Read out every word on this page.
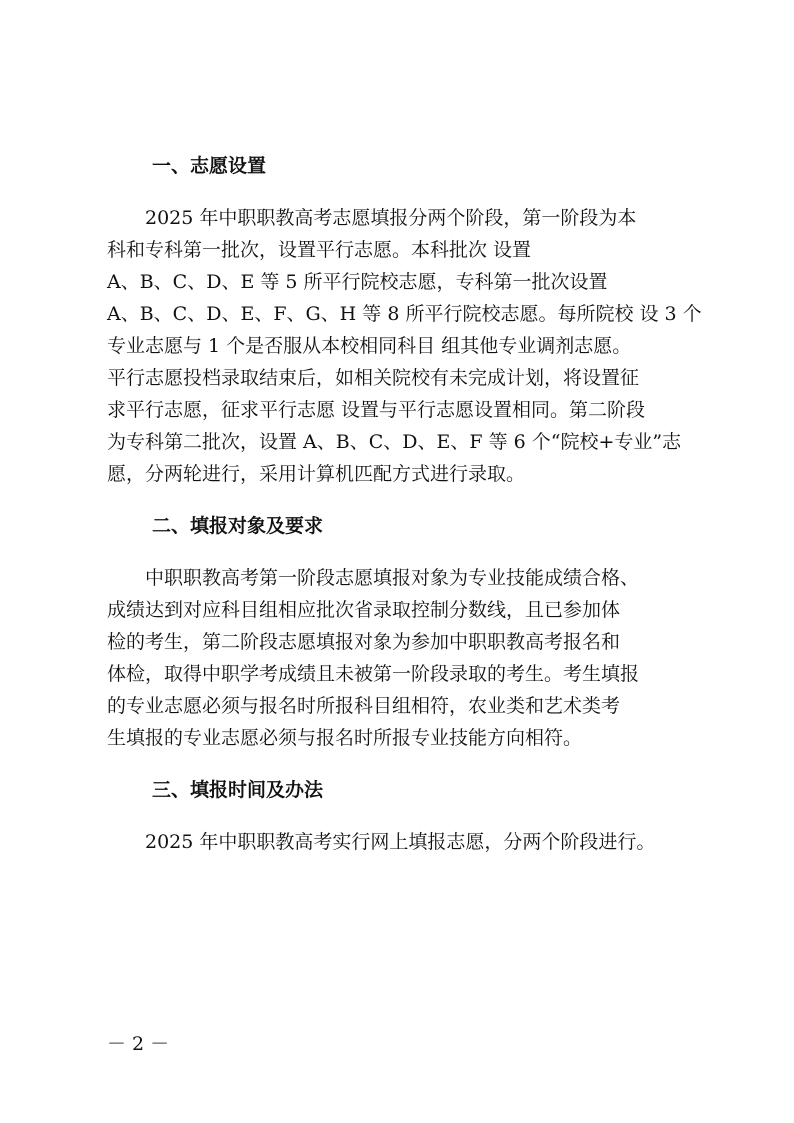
一、志愿设置

2025 年中职职教高考志愿填报分两个阶段，第一阶段为本
科和专科第一批次，设置平行志愿。本科批次 设置
A、B、C、D、E 等 5 所平行院校志愿，专科第一批次设置
A、B、C、D、E、F、G、H 等 8 所平行院校志愿。每所院校 设 3 个
专业志愿与 1 个是否服从本校相同科目 组其他专业调剂志愿。
平行志愿投档录取结束后，如相关院校有未完成计划，将设置征
求平行志愿，征求平行志愿 设置与平行志愿设置相同。第二阶段
为专科第二批次，设置 A、B、C、D、E、F 等 6 个“院校+专业”志
愿，分两轮进行，采用计算机匹配方式进行录取。

二、填报对象及要求

中职职教高考第一阶段志愿填报对象为专业技能成绩合格、
成绩达到对应科目组相应批次省录取控制分数线，且已参加体
检的考生，第二阶段志愿填报对象为参加中职职教高考报名和
体检，取得中职学考成绩且未被第一阶段录取的考生。考生填报
的专业志愿必须与报名时所报科目组相符，农业类和艺术类考
生填报的专业志愿必须与报名时所报专业技能方向相符。

三、填报时间及办法

2025 年中职职教高考实行网上填报志愿，分两个阶段进行。

－ 2 －
